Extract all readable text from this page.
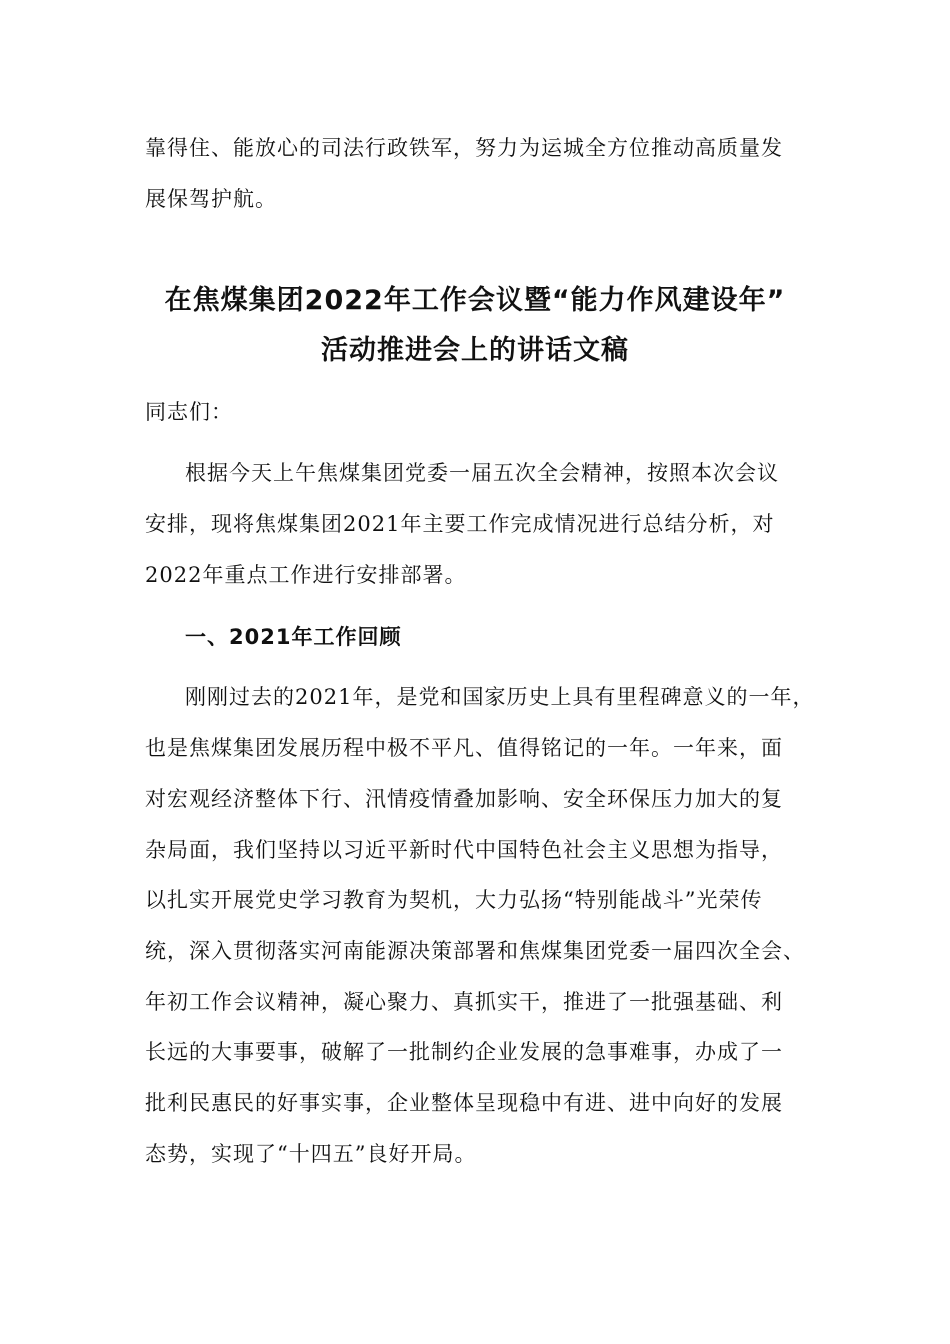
靠得住、能放心的司法行政铁军，努力为运城全方位推动高质量发
展保驾护航。
在焦煤集团2022年工作会议暨“能力作风建设年”
活动推进会上的讲话文稿
同志们：
根据今天上午焦煤集团党委一届五次全会精神，按照本次会议
安排，现将焦煤集团2021年主要工作完成情况进行总结分析，对
2022年重点工作进行安排部署。
一、2021年工作回顾
刚刚过去的2021年，是党和国家历史上具有里程碑意义的一年，
也是焦煤集团发展历程中极不平凡、值得铭记的一年。一年来，面
对宏观经济整体下行、汛情疫情叠加影响、安全环保压力加大的复
杂局面，我们坚持以习近平新时代中国特色社会主义思想为指导，
以扎实开展党史学习教育为契机，大力弘扬“特别能战斗”光荣传
统，深入贯彻落实河南能源决策部署和焦煤集团党委一届四次全会、
年初工作会议精神，凝心聚力、真抓实干，推进了一批强基础、利
长远的大事要事，破解了一批制约企业发展的急事难事，办成了一
批利民惠民的好事实事，企业整体呈现稳中有进、进中向好的发展
态势，实现了“十四五”良好开局。
